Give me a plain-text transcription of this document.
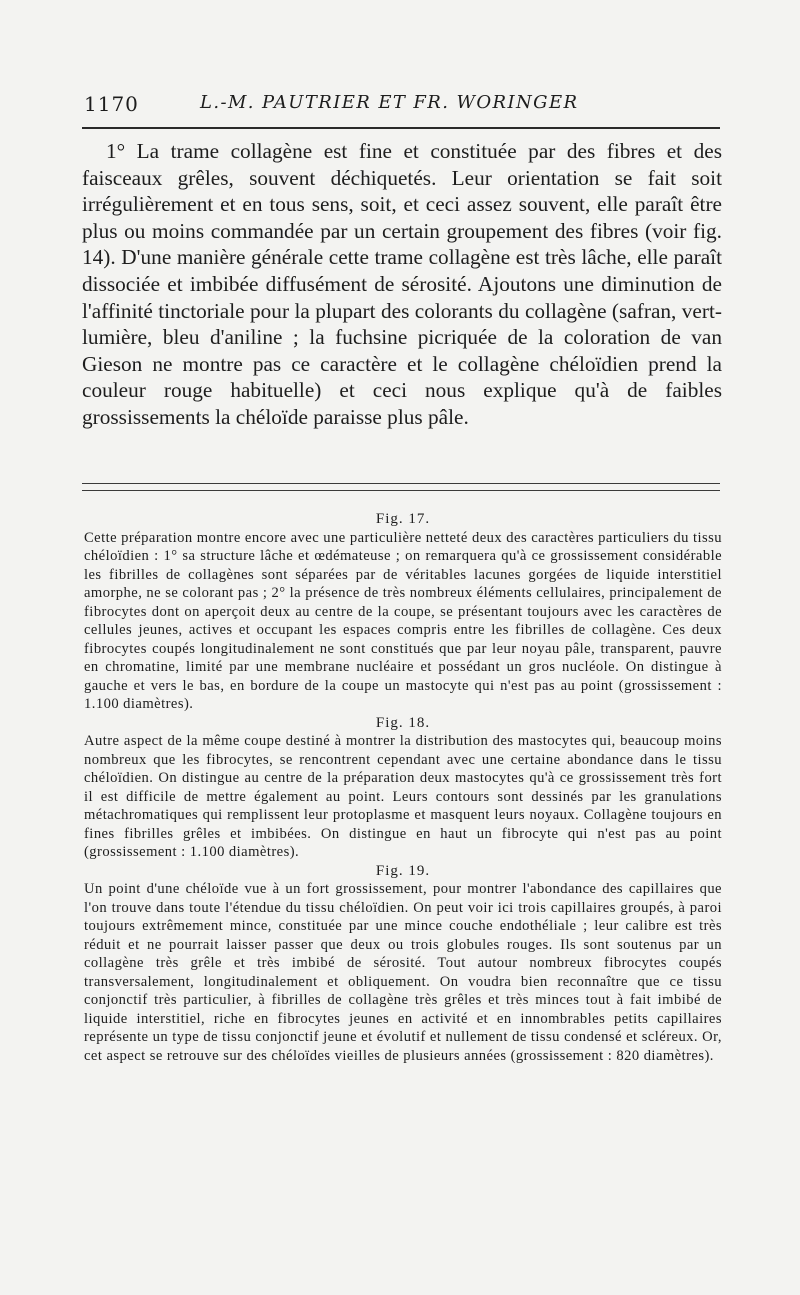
1170	L.-M. PAUTRIER ET FR. WORINGER

1° La trame collagène est fine et constituée par des fibres et des faisceaux grêles, souvent déchiquetés. Leur orientation se fait soit irrégulièrement et en tous sens, soit, et ceci assez souvent, elle paraît être plus ou moins commandée par un certain groupement des fibres (voir fig. 14). D'une manière générale cette trame collagène est très lâche, elle paraît dissociée et imbibée diffusément de sérosité. Ajoutons une diminution de l'affinité tinctoriale pour la plupart des colorants du collagène (safran, vert-lumière, bleu d'aniline ; la fuchsine picriquée de la coloration de van Gieson ne montre pas ce caractère et le collagène chéloïdien prend la couleur rouge habituelle) et ceci nous explique qu'à de faibles grossissements la chéloïde paraisse plus pâle.

Fig. 17.

Cette préparation montre encore avec une particulière netteté deux des caractères particuliers du tissu chéloïdien : 1° sa structure lâche et œdémateuse ; on remarquera qu'à ce grossissement considérable les fibrilles de collagènes sont séparées par de véritables lacunes gorgées de liquide interstitiel amorphe, ne se colorant pas ; 2° la présence de très nombreux éléments cellulaires, principalement de fibrocytes dont on aperçoit deux au centre de la coupe, se présentant toujours avec les caractères de cellules jeunes, actives et occupant les espaces compris entre les fibrilles de collagène. Ces deux fibrocytes coupés longitudinalement ne sont constitués que par leur noyau pâle, transparent, pauvre en chromatine, limité par une membrane nucléaire et possédant un gros nucléole. On distingue à gauche et vers le bas, en bordure de la coupe un mastocyte qui n'est pas au point (grossissement : 1.100 diamètres).

Fig. 18.

Autre aspect de la même coupe destiné à montrer la distribution des mastocytes qui, beaucoup moins nombreux que les fibrocytes, se rencontrent cependant avec une certaine abondance dans le tissu chéloïdien. On distingue au centre de la préparation deux mastocytes qu'à ce grossissement très fort il est difficile de mettre également au point. Leurs contours sont dessinés par les granulations métachromatiques qui remplissent leur protoplasme et masquent leurs noyaux. Collagène toujours en fines fibrilles grêles et imbibées. On distingue en haut un fibrocyte qui n'est pas au point (grossissement : 1.100 diamètres).

Fig. 19.

Un point d'une chéloïde vue à un fort grossissement, pour montrer l'abondance des capillaires que l'on trouve dans toute l'étendue du tissu chéloïdien. On peut voir ici trois capillaires groupés, à paroi toujours extrêmement mince, constituée par une mince couche endothéliale ; leur calibre est très réduit et ne pourrait laisser passer que deux ou trois globules rouges. Ils sont soutenus par un collagène très grêle et très imbibé de sérosité. Tout autour nombreux fibrocytes coupés transversalement, longitudinalement et obliquement. On voudra bien reconnaître que ce tissu conjonctif très particulier, à fibrilles de collagène très grêles et très minces tout à fait imbibé de liquide interstitiel, riche en fibrocytes jeunes en activité et en innombrables petits capillaires représente un type de tissu conjonctif jeune et évolutif et nullement de tissu condensé et scléreux. Or, cet aspect se retrouve sur des chéloïdes vieilles de plusieurs années (grossissement : 820 diamètres).
